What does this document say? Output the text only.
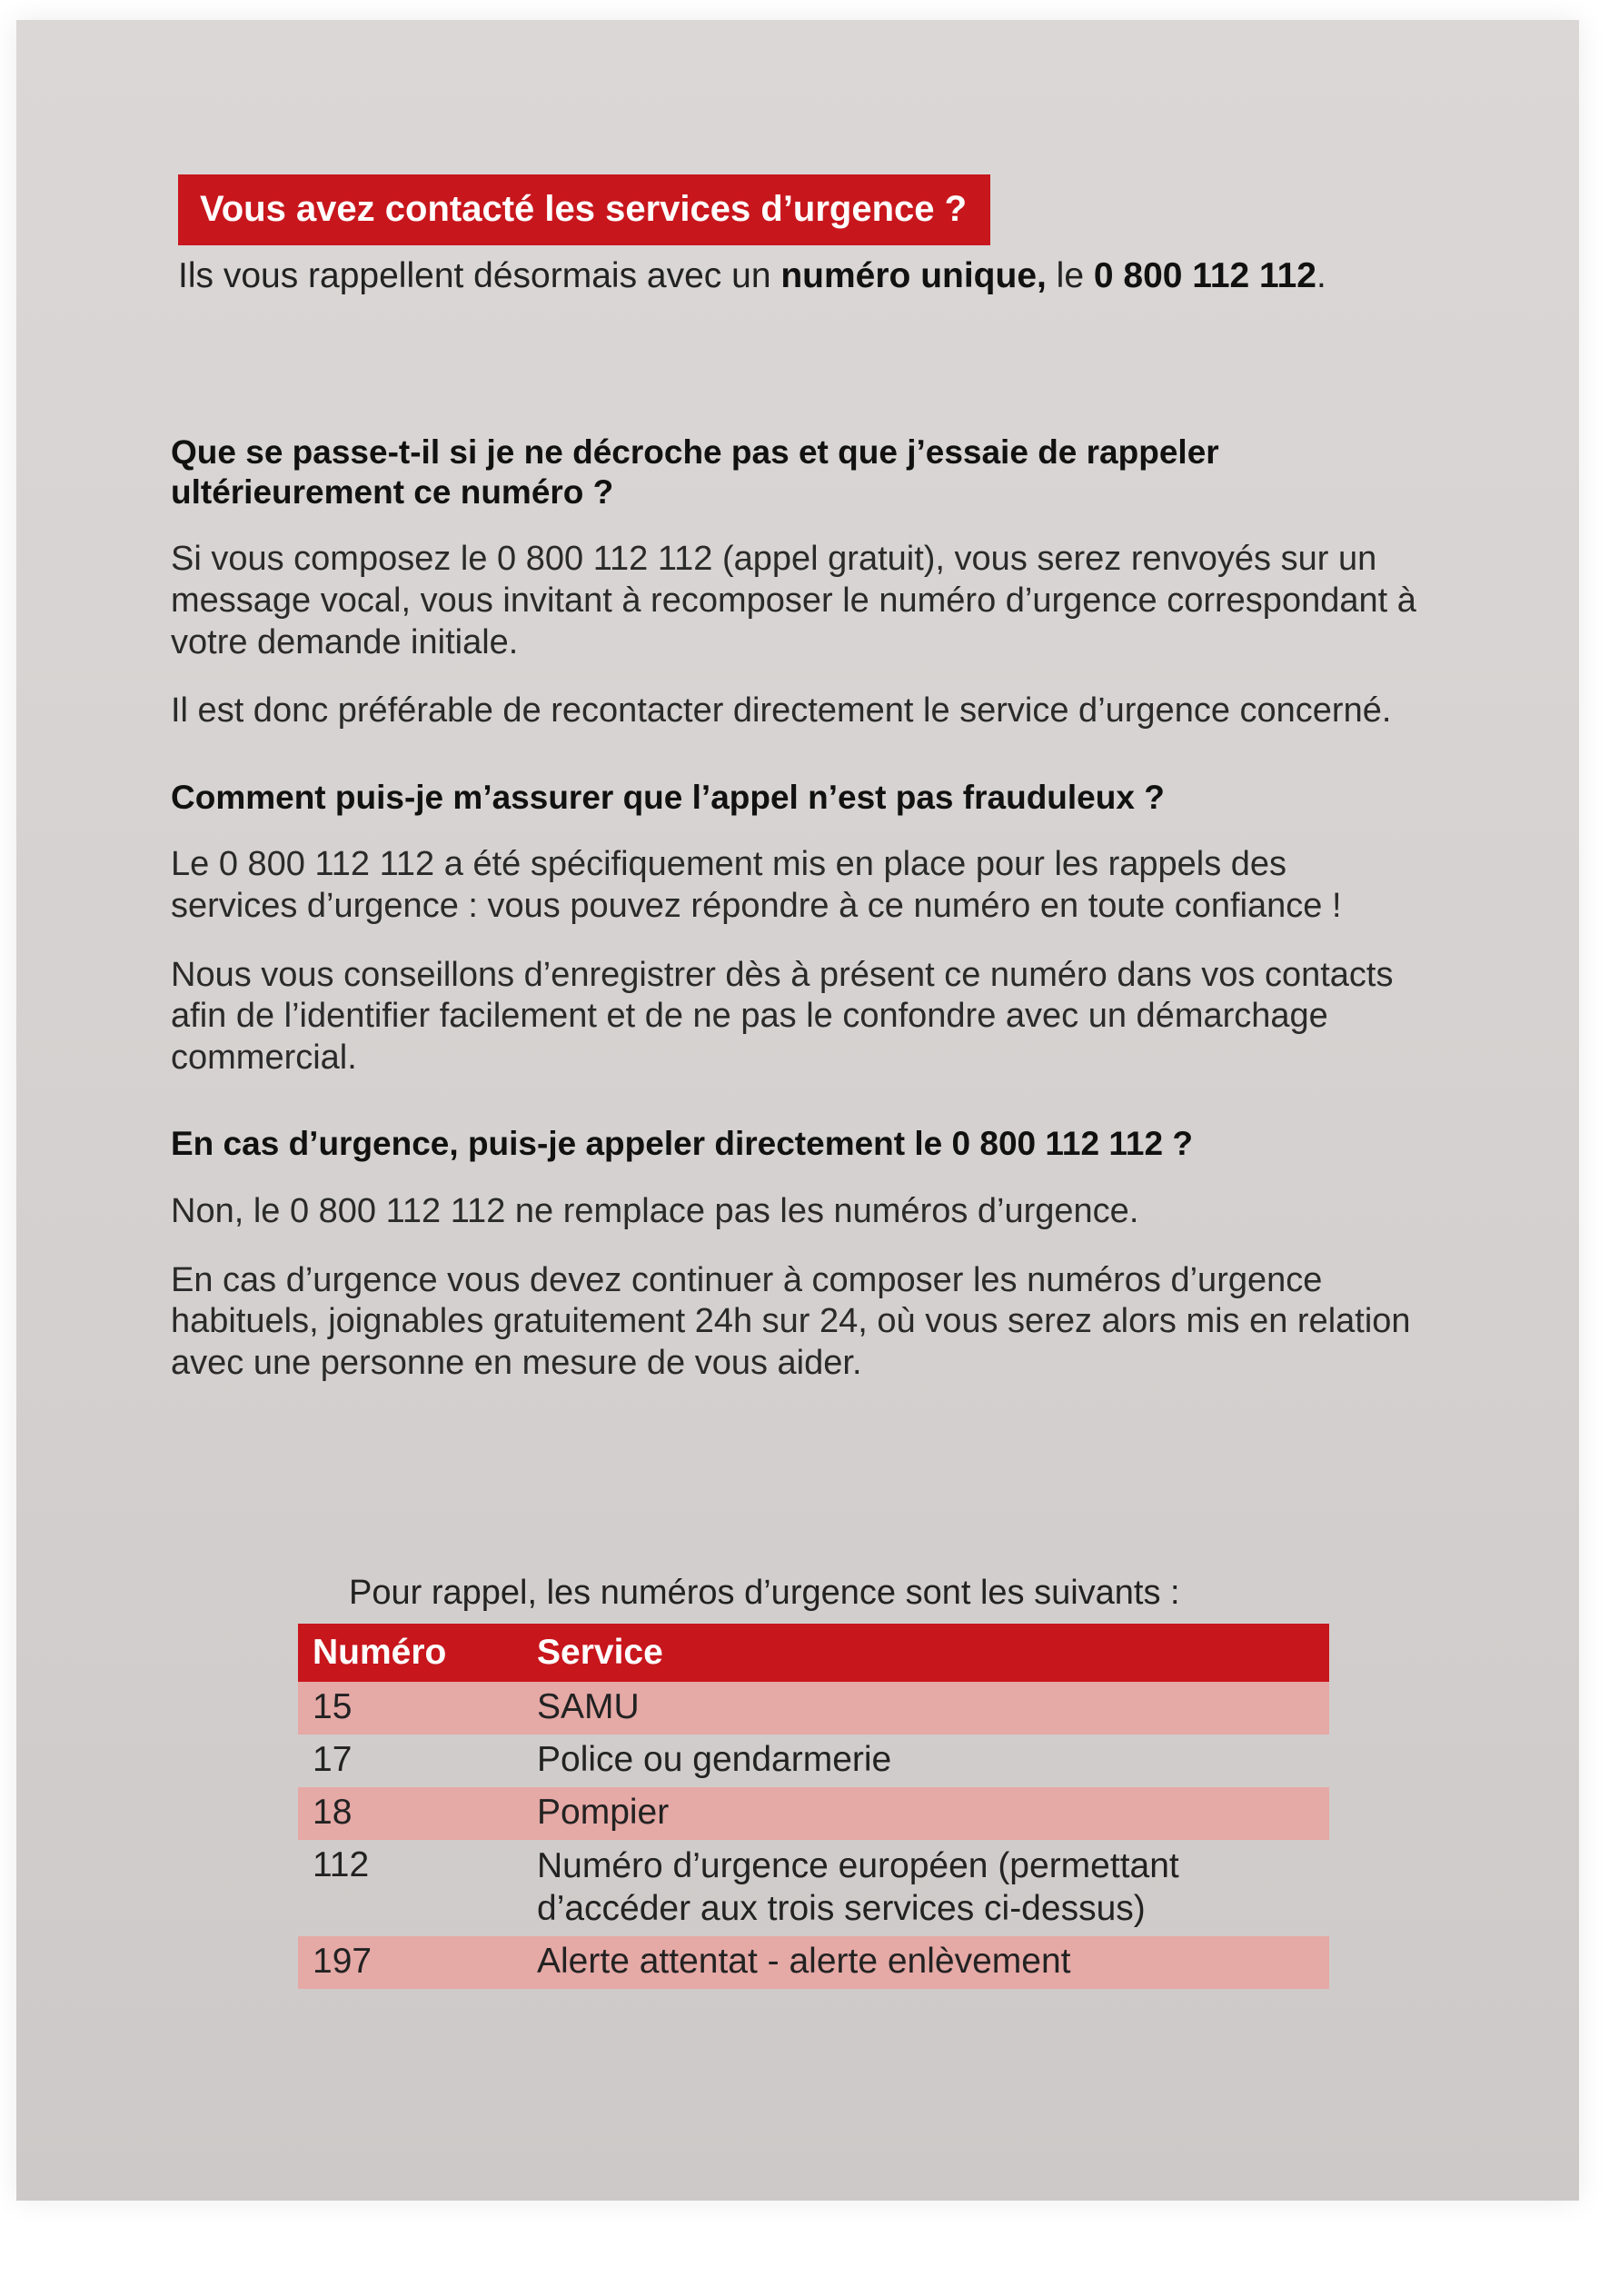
Vous avez contacté les services d’urgence ?

Ils vous rappellent désormais avec un numéro unique, le 0 800 112 112.

Que se passe-t-il si je ne décroche pas et que j’essaie de rappeler ultérieurement ce numéro ?

Si vous composez le 0 800 112 112 (appel gratuit), vous serez renvoyés sur un message vocal, vous invitant à recomposer le numéro d’urgence correspondant à votre demande initiale.

Il est donc préférable de recontacter directement le service d’urgence concerné.

Comment puis-je m’assurer que l’appel n’est pas frauduleux ?

Le 0 800 112 112 a été spécifiquement mis en place pour les rappels des services d’urgence : vous pouvez répondre à ce numéro en toute confiance !

Nous vous conseillons d’enregistrer dès à présent ce numéro dans vos contacts afin de l’identifier facilement et de ne pas le confondre avec un démarchage commercial.

En cas d’urgence, puis-je appeler directement le 0 800 112 112 ?

Non, le 0 800 112 112 ne remplace pas les numéros d’urgence.

En cas d’urgence vous devez continuer à composer les numéros d’urgence habituels, joignables gratuitement 24h sur 24, où vous serez alors mis en relation avec une personne en mesure de vous aider.

Pour rappel, les numéros d’urgence sont les suivants :

Numéro	Service
15	SAMU
17	Police ou gendarmerie
18	Pompier
112	Numéro d’urgence européen (permettant d’accéder aux trois services ci-dessus)
197	Alerte attentat - alerte enlèvement
